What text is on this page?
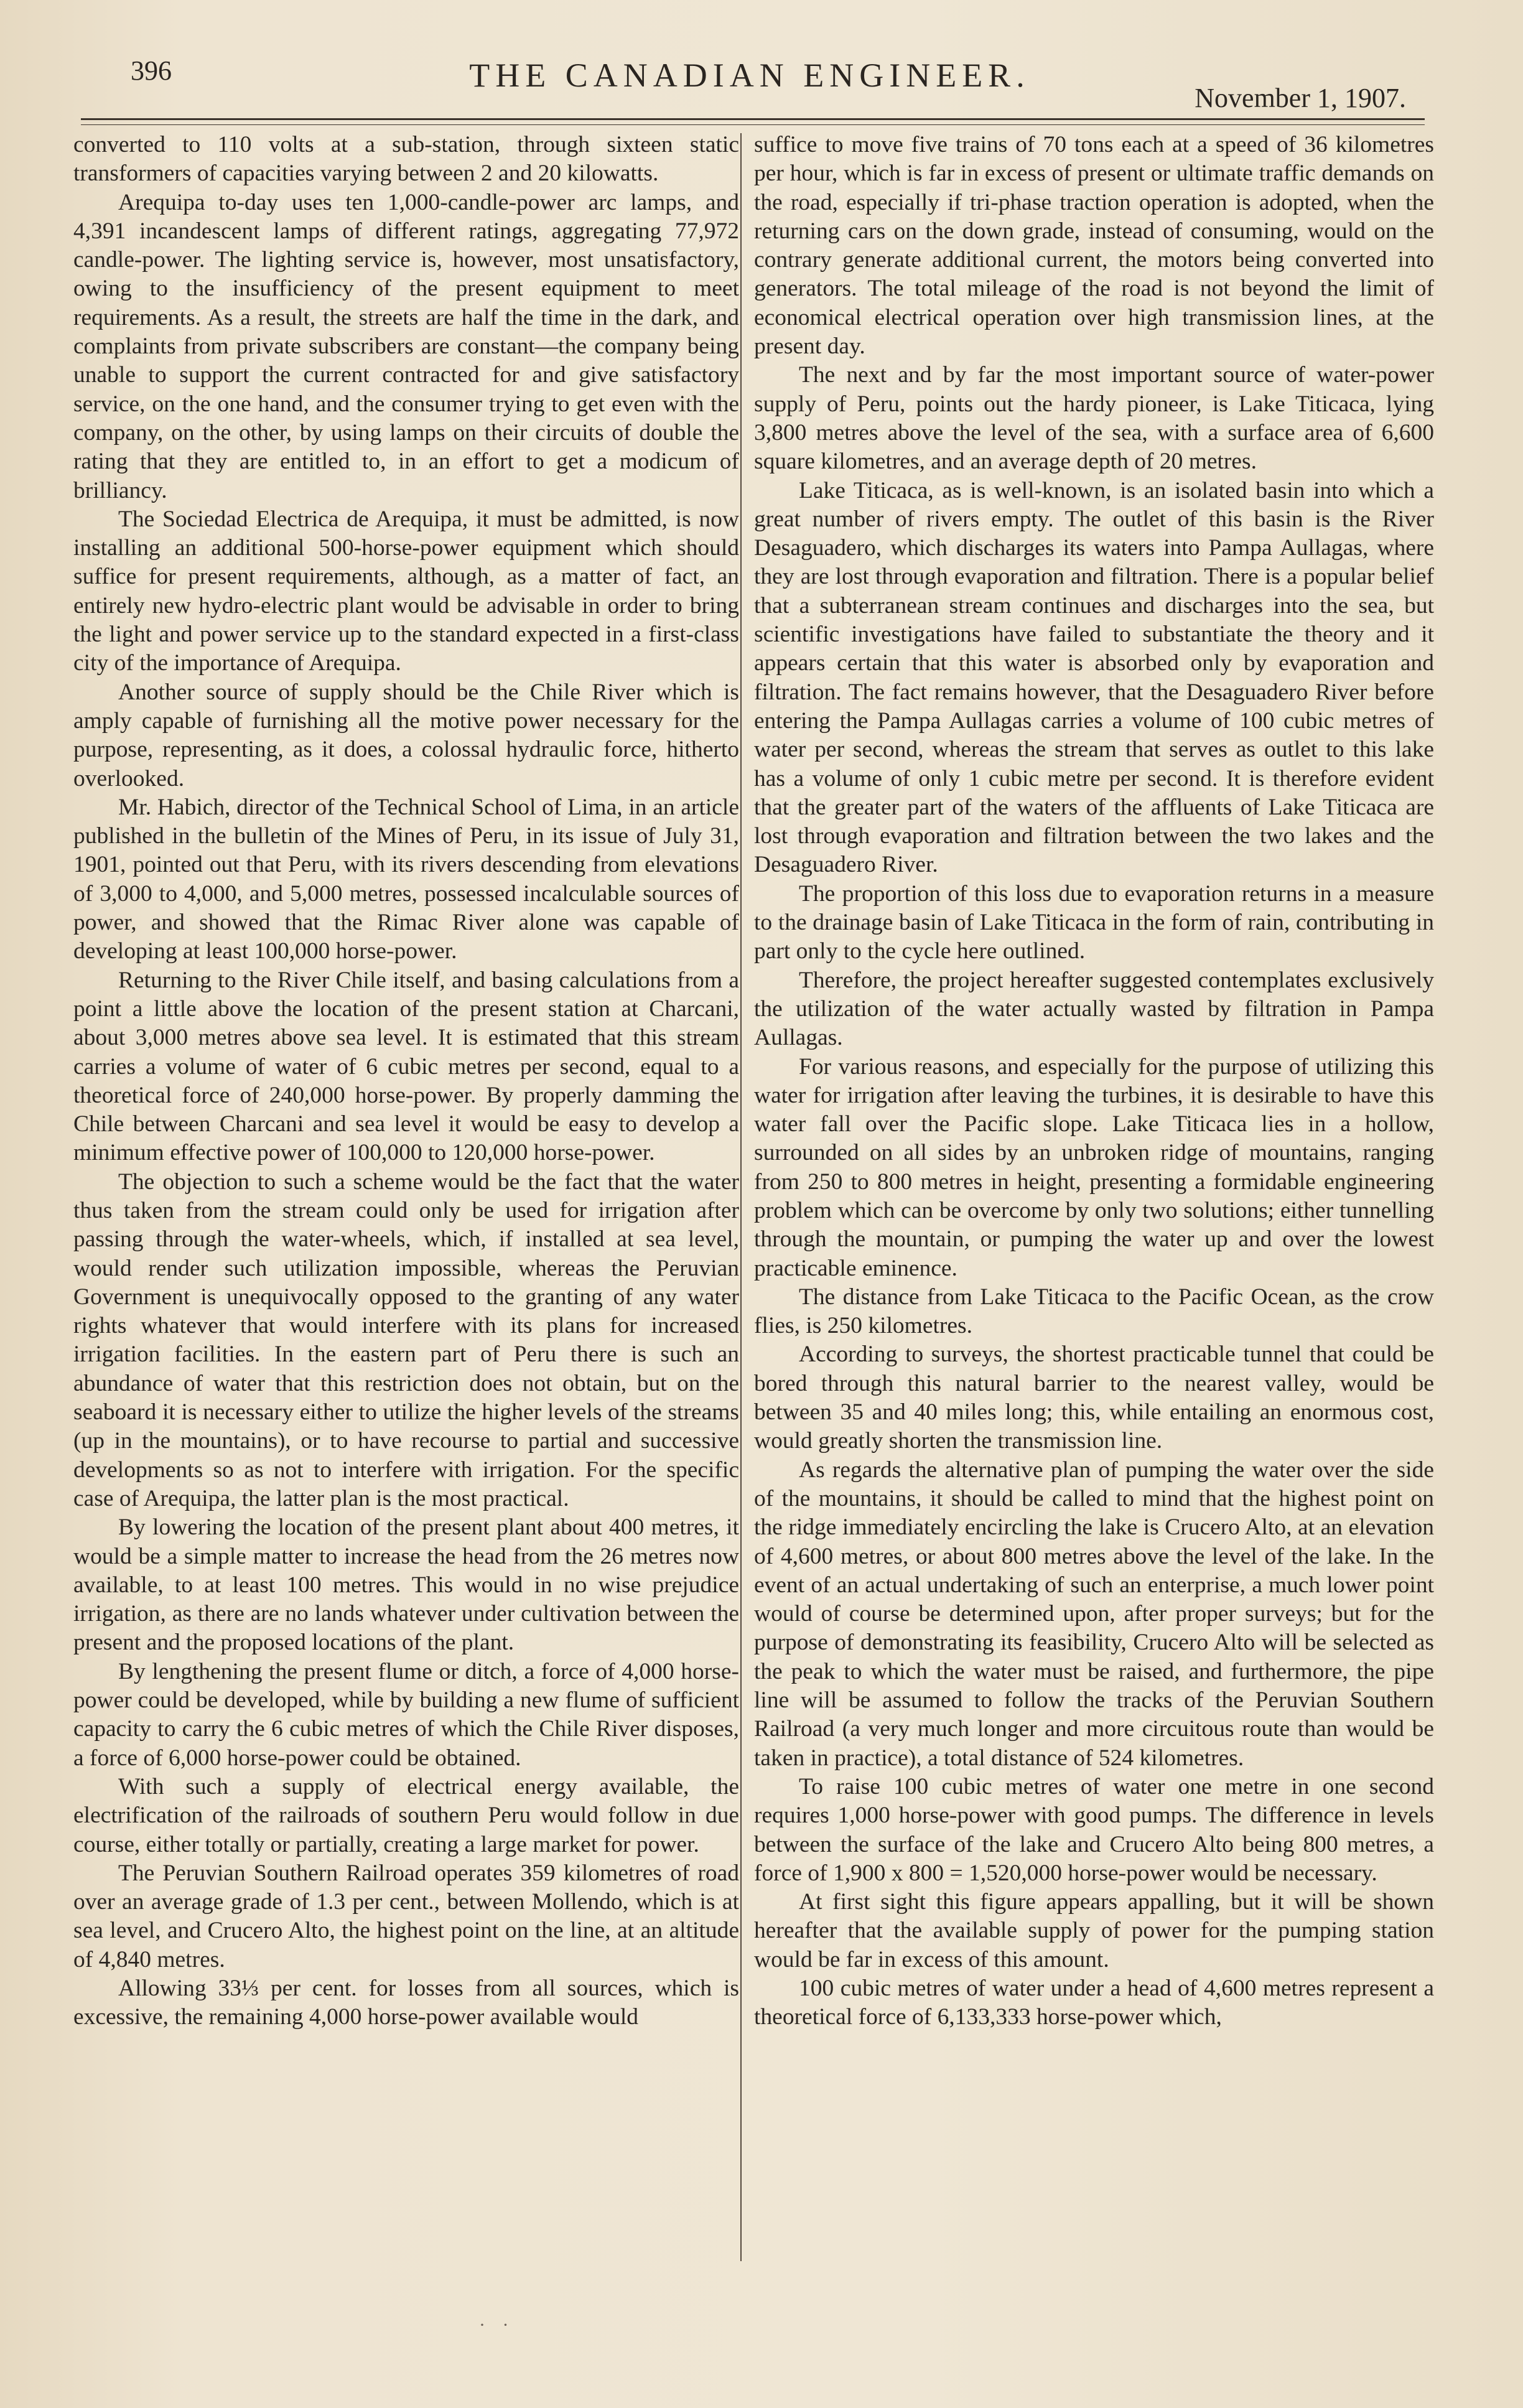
396	THE CANADIAN ENGINEER.
November 1, 1907.

converted to 110 volts at a sub-station, through sixteen static transformers of capacities varying between 2 and 20 kilowatts.

Arequipa to-day uses ten 1,000-candle-power arc lamps, and 4,391 incandescent lamps of different ratings, aggregating 77,972 candle-power. The lighting service is, however, most unsatisfactory, owing to the insufficiency of the present equipment to meet requirements. As a result, the streets are half the time in the dark, and complaints from private subscribers are constant—the company being unable to support the current contracted for and give satisfactory service, on the one hand, and the consumer trying to get even with the company, on the other, by using lamps on their circuits of double the rating that they are entitled to, in an effort to get a modicum of brilliancy.

The Sociedad Electrica de Arequipa, it must be admitted, is now installing an additional 500-horse-power equipment which should suffice for present requirements, although, as a matter of fact, an entirely new hydro-electric plant would be advisable in order to bring the light and power service up to the standard expected in a first-class city of the importance of Arequipa.

Another source of supply should be the Chile River which is amply capable of furnishing all the motive power necessary for the purpose, representing, as it does, a colossal hydraulic force, hitherto overlooked.

Mr. Habich, director of the Technical School of Lima, in an article published in the bulletin of the Mines of Peru, in its issue of July 31, 1901, pointed out that Peru, with its rivers descending from elevations of 3,000 to 4,000, and 5,000 metres, possessed incalculable sources of power, and showed that the Rimac River alone was capable of developing at least 100,000 horse-power.

Returning to the River Chile itself, and basing calculations from a point a little above the location of the present station at Charcani, about 3,000 metres above sea level. It is estimated that this stream carries a volume of water of 6 cubic metres per second, equal to a theoretical force of 240,000 horse-power. By properly damming the Chile between Charcani and sea level it would be easy to develop a minimum effective power of 100,000 to 120,000 horse-power.

The objection to such a scheme would be the fact that the water thus taken from the stream could only be used for irrigation after passing through the water-wheels, which, if installed at sea level, would render such utilization impossible, whereas the Peruvian Government is unequivocally opposed to the granting of any water rights whatever that would interfere with its plans for increased irrigation facilities. In the eastern part of Peru there is such an abundance of water that this restriction does not obtain, but on the seaboard it is necessary either to utilize the higher levels of the streams (up in the mountains), or to have recourse to partial and successive developments so as not to interfere with irrigation. For the specific case of Arequipa, the latter plan is the most practical.

By lowering the location of the present plant about 400 metres, it would be a simple matter to increase the head from the 26 metres now available, to at least 100 metres. This would in no wise prejudice irrigation, as there are no lands whatever under cultivation between the present and the proposed locations of the plant.

By lengthening the present flume or ditch, a force of 4,000 horse-power could be developed, while by building a new flume of sufficient capacity to carry the 6 cubic metres of which the Chile River disposes, a force of 6,000 horse-power could be obtained.

With such a supply of electrical energy available, the electrification of the railroads of southern Peru would follow in due course, either totally or partially, creating a large market for power.

The Peruvian Southern Railroad operates 359 kilometres of road over an average grade of 1.3 per cent., between Mollendo, which is at sea level, and Crucero Alto, the highest point on the line, at an altitude of 4,840 metres.

Allowing 33⅓ per cent. for losses from all sources, which is excessive, the remaining 4,000 horse-power available would

suffice to move five trains of 70 tons each at a speed of 36 kilometres per hour, which is far in excess of present or ultimate traffic demands on the road, especially if tri-phase traction operation is adopted, when the returning cars on the down grade, instead of consuming, would on the contrary generate additional current, the motors being converted into generators. The total mileage of the road is not beyond the limit of economical electrical operation over high transmission lines, at the present day.

The next and by far the most important source of water-power supply of Peru, points out the hardy pioneer, is Lake Titicaca, lying 3,800 metres above the level of the sea, with a surface area of 6,600 square kilometres, and an average depth of 20 metres.

Lake Titicaca, as is well-known, is an isolated basin into which a great number of rivers empty. The outlet of this basin is the River Desaguadero, which discharges its waters into Pampa Aullagas, where they are lost through evaporation and filtration. There is a popular belief that a subterranean stream continues and discharges into the sea, but scientific investigations have failed to substantiate the theory and it appears certain that this water is absorbed only by evaporation and filtration. The fact remains however, that the Desaguadero River before entering the Pampa Aullagas carries a volume of 100 cubic metres of water per second, whereas the stream that serves as outlet to this lake has a volume of only 1 cubic metre per second. It is therefore evident that the greater part of the waters of the affluents of Lake Titicaca are lost through evaporation and filtration between the two lakes and the Desaguadero River.

The proportion of this loss due to evaporation returns in a measure to the drainage basin of Lake Titicaca in the form of rain, contributing in part only to the cycle here outlined.

Therefore, the project hereafter suggested contemplates exclusively the utilization of the water actually wasted by filtration in Pampa Aullagas.

For various reasons, and especially for the purpose of utilizing this water for irrigation after leaving the turbines, it is desirable to have this water fall over the Pacific slope. Lake Titicaca lies in a hollow, surrounded on all sides by an unbroken ridge of mountains, ranging from 250 to 800 metres in height, presenting a formidable engineering problem which can be overcome by only two solutions; either tunnelling through the mountain, or pumping the water up and over the lowest practicable eminence.

The distance from Lake Titicaca to the Pacific Ocean, as the crow flies, is 250 kilometres.

According to surveys, the shortest practicable tunnel that could be bored through this natural barrier to the nearest valley, would be between 35 and 40 miles long; this, while entailing an enormous cost, would greatly shorten the transmission line.

As regards the alternative plan of pumping the water over the side of the mountains, it should be called to mind that the highest point on the ridge immediately encircling the lake is Crucero Alto, at an elevation of 4,600 metres, or about 800 metres above the level of the lake. In the event of an actual undertaking of such an enterprise, a much lower point would of course be determined upon, after proper surveys; but for the purpose of demonstrating its feasibility, Crucero Alto will be selected as the peak to which the water must be raised, and furthermore, the pipe line will be assumed to follow the tracks of the Peruvian Southern Railroad (a very much longer and more circuitous route than would be taken in practice), a total distance of 524 kilometres.

To raise 100 cubic metres of water one metre in one second requires 1,000 horse-power with good pumps. The difference in levels between the surface of the lake and Crucero Alto being 800 metres, a force of 1,900 x 800 = 1,520,000 horse-power would be necessary.

At first sight this figure appears appalling, but it will be shown hereafter that the available supply of power for the pumping station would be far in excess of this amount.

100 cubic metres of water under a head of 4,600 metres represent a theoretical force of 6,133,333 horse-power which,

· ·
